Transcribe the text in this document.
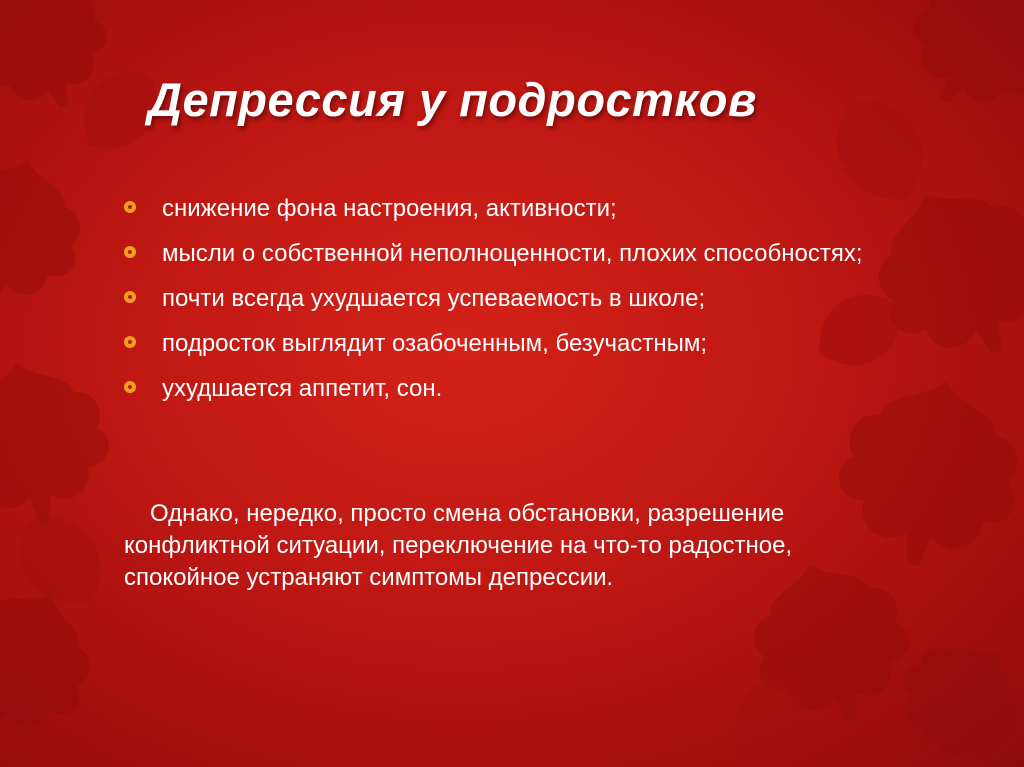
Депрессия у подростков
снижение фона настроения, активности;
мысли о собственной неполноценности, плохих способностях;
почти всегда ухудшается успеваемость в школе;
подросток выглядит озабоченным, безучастным;
ухудшается аппетит, сон.

Однако, нередко, просто смена обстановки, разрешение конфликтной ситуации, переключение на что-то радостное, спокойное устраняют симптомы депрессии.
